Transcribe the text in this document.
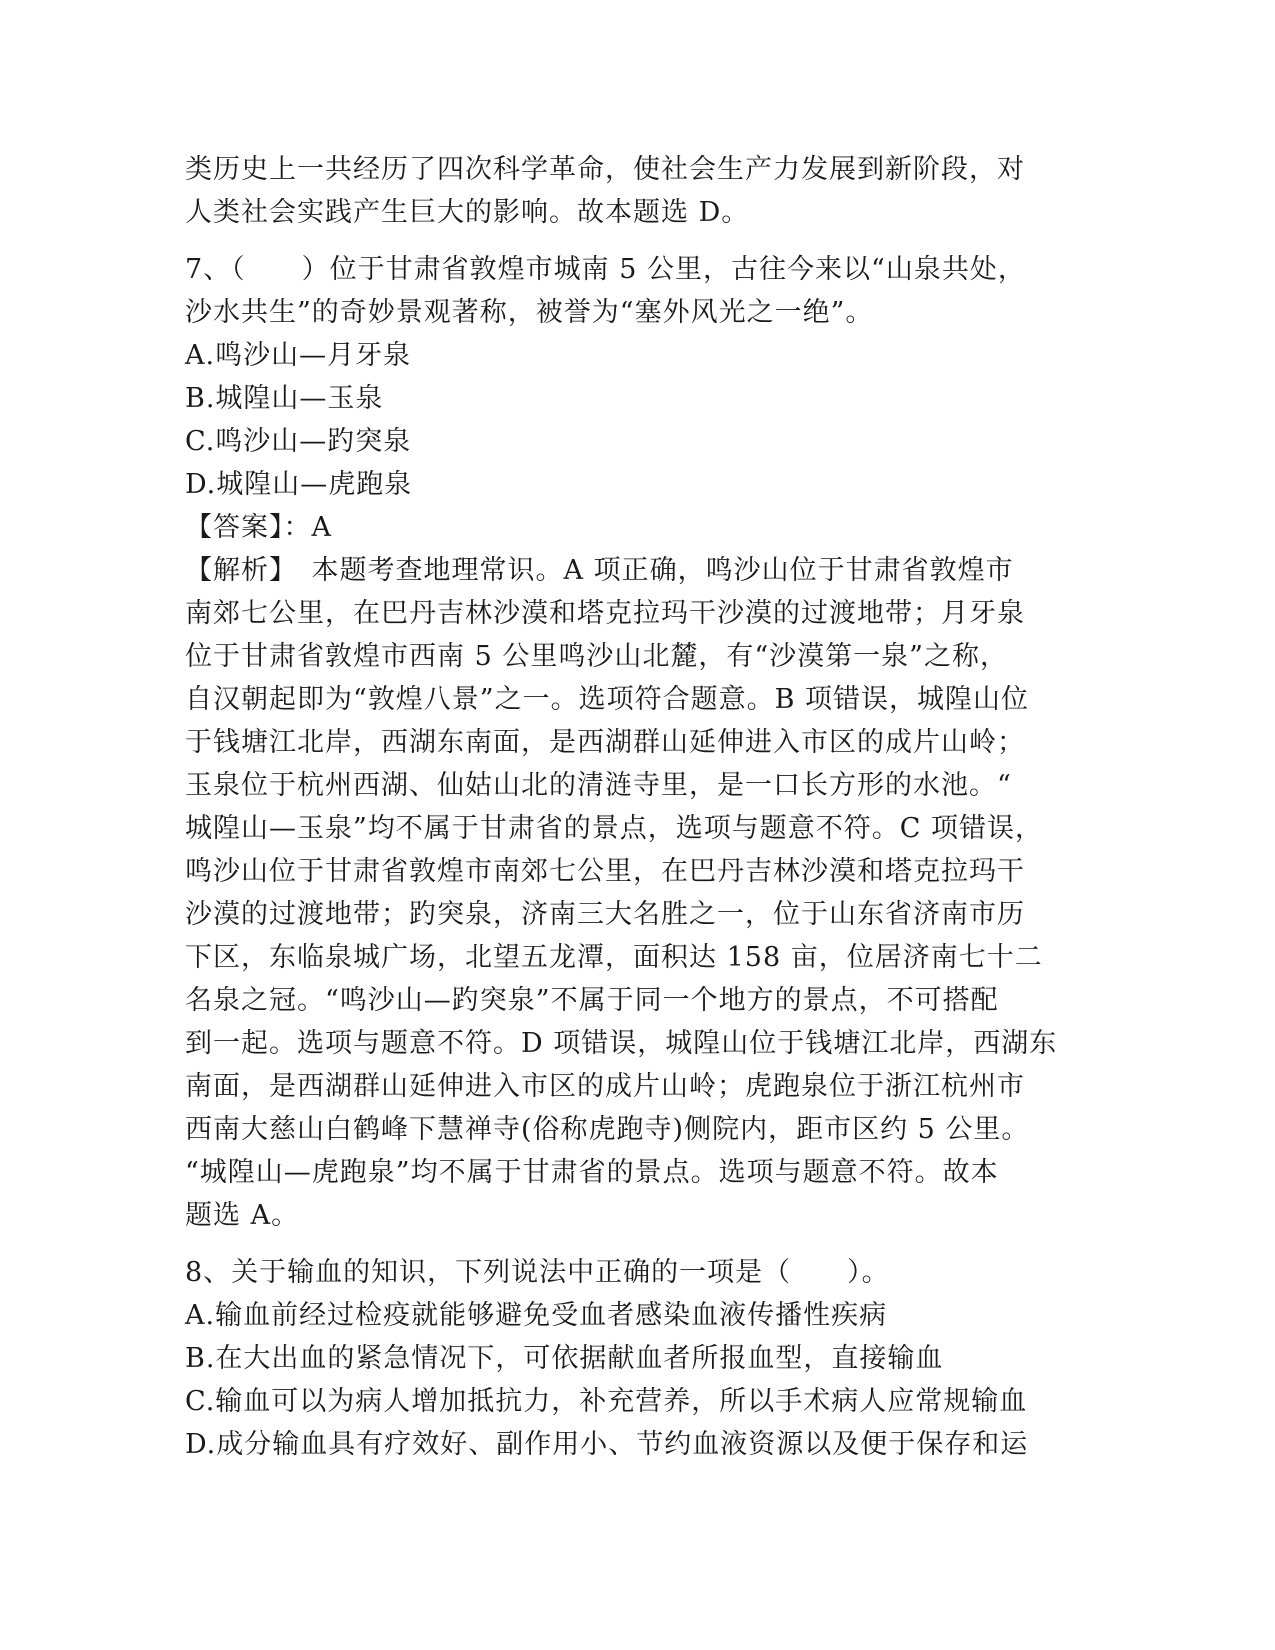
类历史上一共经历了四次科学革命，使社会生产力发展到新阶段，对
人类社会实践产生巨大的影响。故本题选 D。
7、（　　）位于甘肃省敦煌市城南 5 公里，古往今来以“山泉共处，
沙水共生”的奇妙景观著称，被誉为“塞外风光之一绝”。
A.鸣沙山—月牙泉
B.城隍山—玉泉
C.鸣沙山—趵突泉
D.城隍山—虎跑泉
【答案】：A
【解析】　本题考查地理常识。A 项正确，鸣沙山位于甘肃省敦煌市
南郊七公里，在巴丹吉林沙漠和塔克拉玛干沙漠的过渡地带；月牙泉
位于甘肃省敦煌市西南 5 公里鸣沙山北麓，有“沙漠第一泉”之称，
自汉朝起即为“敦煌八景”之一。选项符合题意。B 项错误，城隍山位
于钱塘江北岸，西湖东南面，是西湖群山延伸进入市区的成片山岭；
玉泉位于杭州西湖、仙姑山北的清涟寺里，是一口长方形的水池。“
城隍山—玉泉”均不属于甘肃省的景点，选项与题意不符。C 项错误，
鸣沙山位于甘肃省敦煌市南郊七公里，在巴丹吉林沙漠和塔克拉玛干
沙漠的过渡地带；趵突泉，济南三大名胜之一，位于山东省济南市历
下区，东临泉城广场，北望五龙潭，面积达 158 亩，位居济南七十二
名泉之冠。“鸣沙山—趵突泉”不属于同一个地方的景点，不可搭配
到一起。选项与题意不符。D 项错误，城隍山位于钱塘江北岸，西湖东
南面，是西湖群山延伸进入市区的成片山岭；虎跑泉位于浙江杭州市
西南大慈山白鹤峰下慧禅寺(俗称虎跑寺)侧院内，距市区约 5 公里。
“城隍山—虎跑泉”均不属于甘肃省的景点。选项与题意不符。故本
题选 A。
8、关于输血的知识，下列说法中正确的一项是（　　）。
A.输血前经过检疫就能够避免受血者感染血液传播性疾病
B.在大出血的紧急情况下，可依据献血者所报血型，直接输血
C.输血可以为病人增加抵抗力，补充营养，所以手术病人应常规输血
D.成分输血具有疗效好、副作用小、节约血液资源以及便于保存和运
